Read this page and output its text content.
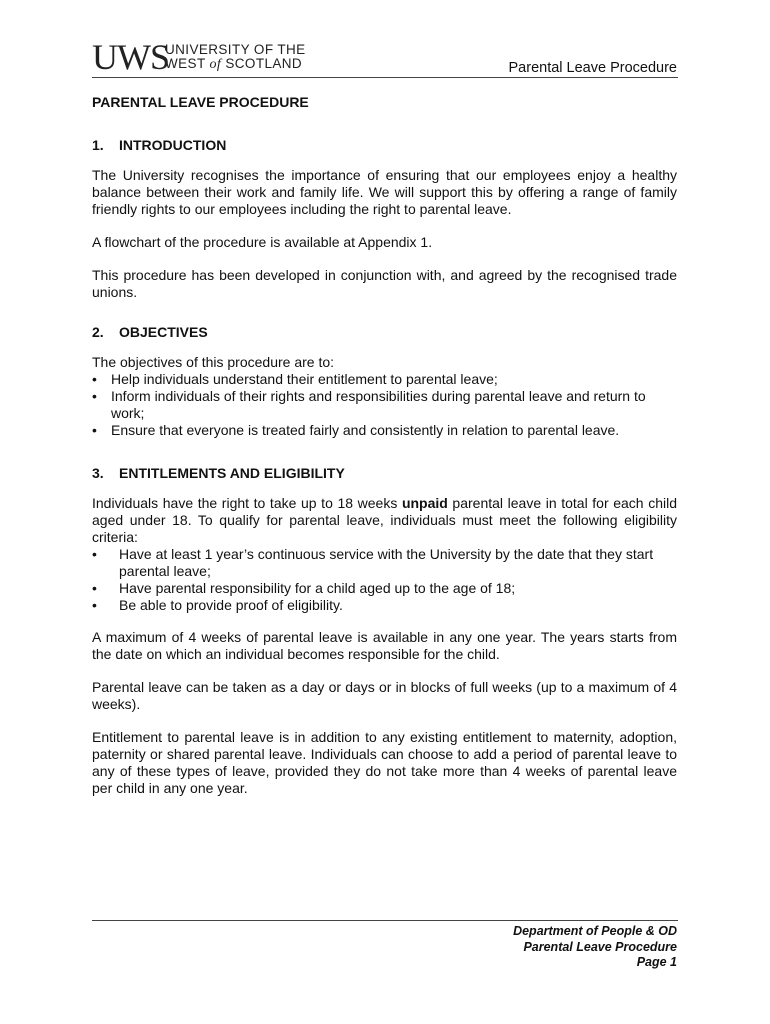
UWS
UNIVERSITY OF THE
WEST of SCOTLAND	Parental Leave Procedure
PARENTAL LEAVE PROCEDURE
1. INTRODUCTION

The University recognises the importance of ensuring that our employees enjoy a healthy balance between their work and family life. We will support this by offering a range of family friendly rights to our employees including the right to parental leave.

A flowchart of the procedure is available at Appendix 1.

This procedure has been developed in conjunction with, and agreed by the recognised trade unions.

2. OBJECTIVES

The objectives of this procedure are to:

• Help individuals understand their entitlement to parental leave;
• Inform individuals of their rights and responsibilities during parental leave and return to work;
• Ensure that everyone is treated fairly and consistently in relation to parental leave.
3. ENTITLEMENTS AND ELIGIBILITY

Individuals have the right to take up to 18 weeks unpaid parental leave in total for each child aged under 18. To qualify for parental leave, individuals must meet the following eligibility criteria:

• Have at least 1 year’s continuous service with the University by the date that they start parental leave;
• Have parental responsibility for a child aged up to the age of 18;
• Be able to provide proof of eligibility.

A maximum of 4 weeks of parental leave is available in any one year. The years starts from the date on which an individual becomes responsible for the child.

Parental leave can be taken as a day or days or in blocks of full weeks (up to a maximum of 4 weeks).

Entitlement to parental leave is in addition to any existing entitlement to maternity, adoption, paternity or shared parental leave. Individuals can choose to add a period of parental leave to any of these types of leave, provided they do not take more than 4 weeks of parental leave per child in any one year.

Department of People & OD
Parental Leave Procedure
Page 1
